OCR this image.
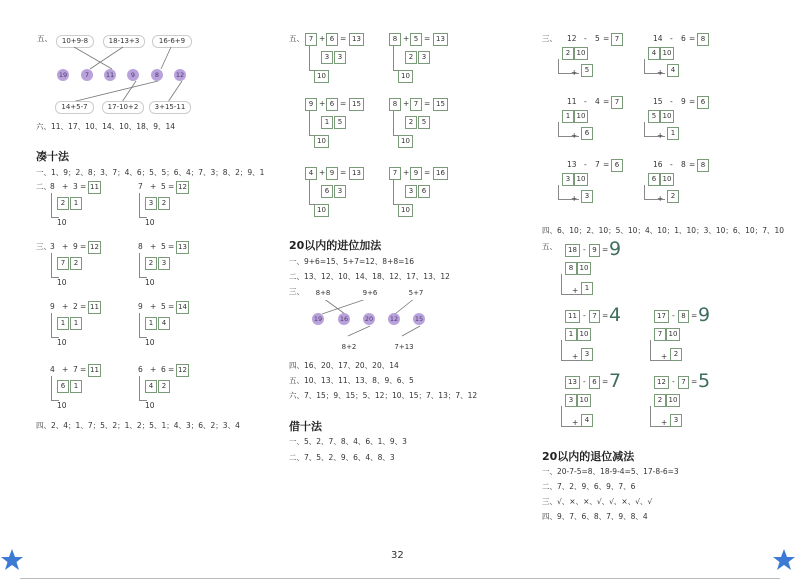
五、	10+9-8	18-13+3	16-6+9
19	7	11	9	8	12
14+5-7	17-10+2	3+15-11
六、11、17、10、14、10、18、9、14
凑十法
一、1、9；2、8；3、7；4、6；5、5；6、4；7、3；8、2；9、1
二、
三、
8 + 3 = 11
2	1
10
7 + 5 = 12
3	2
10
3 + 9 = 12
7	2
10
8 + 5 = 13
2	3
10
9 + 2 = 11
1	1
10
9 + 5 = 14
1	4
10
4 + 7 = 11
6	1
10
6 + 6 = 12
4	2
10
四、2、4；1、7；5、2；1、2；5、1；4、3；6、2；3、4
五、 7 + 6 = 13
3	3
10
8 + 5 = 13
2	3
10
9 + 6 = 15
1	5
10
8 + 7 = 15
2	5
10
4 + 9 = 13
6	3
10
7 + 9 = 16
3	6
10
20以内的进位加法
一、9+6=15、5+7=12、8+8=16
二、13、12、10、14、18、12、17、13、12
三、	8+8	9+6	5+7
19	16	20	12	15
8+2	7+13
四、16、20、17、20、20、14
五、10、13、11、13、8、9、6、5
六、7、15；9、15；5、12；10、15；7、13；7、12
借十法
一、5、2、7、8、4、6、1、9、3
二、7、5、2、9、6、4、8、3
三、 12 - 5 = 7
2 10
+	5
14 - 6 = 8
4 10
+	4
11 - 4 = 7
1 10
+	6
15 - 9 = 6
5 10
+	1
13 - 7 = 6
3 10
+	3
16 - 8 = 8
6 10
+	2
四、6、10；2、10；5、10；4、10；1、10；3、10；6、10；7、10
五、	18 - 9 = 9
8 10
+ 1
11 - 7 = 4
1 10
+ 3
17 - 8 = 9
7 10
+ 2
13 - 6 = 7
3 10
+ 4
12 - 7 = 5
2 10
+ 3
20以内的退位减法
一、20-7-5=8、18-9-4=5、17-8-6=3
二、7、2、9、6、9、7、6
三、√、×、×、√、√、×、√、√
四、9、7、6、8、7、9、8、4
32
